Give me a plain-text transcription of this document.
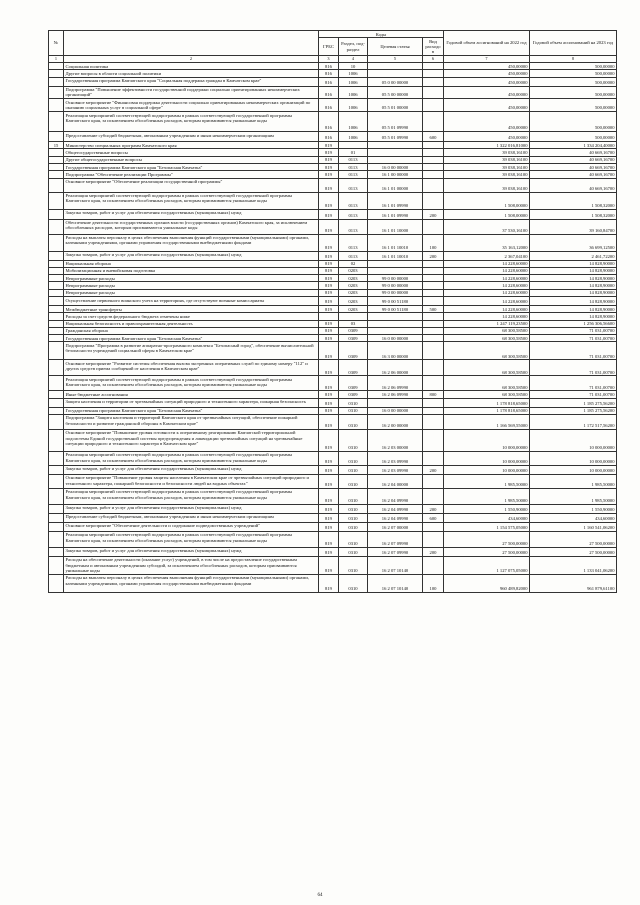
№		Коды				Годовой объем ассигнований на 2022 год	Годовой объем ассигнований на 2023 год
		ГРБС	Раздел, под-раздел	Целевая статья	Вид расходов		
1	2	3	4	5	6	7	8
	Социальная политика	816	10			450,00000	500,00000
	Другие вопросы в области социальной политики	816	1006			450,00000	500,00000
	Государственная программа Камчатского края "Социальная поддержка граждан в Камчатском крае"	816	1006	05 0 00 00000		450,00000	500,00000
	Подпрограмма "Повышение эффективности государственной поддержки социально ориентированных некоммерческих организаций"	816	1006	05 5 00 00000		450,00000	500,00000
	Основное мероприятие "Финансовая поддержка деятельности социально ориентированных некоммерческих организаций по оказанию социальных услуг в социальной сфере"	816	1006	05 5 01 00000		450,00000	500,00000
	Реализация мероприятий соответствующей подпрограммы в рамках соответствующей государственной программы Камчатского края, за исключением обособленных расходов, которым присваиваются уникальные коды	816	1006	05 5 01 09990		450,00000	500,00000
	Предоставление субсидий бюджетным, автономным учреждениям и иным некоммерческим организациям	816	1006	05 5 01 09990	600	450,00000	500,00000
15	Министерство специальных программ Камчатского края	819				1 322 016,81000	1 334 204,40000
	Общегосударственные вопросы	819	01			39 038,16100	40 669,16700
	Другие общегосударственные вопросы	819	0113			39 038,16100	40 669,16700
	Государственная программа Камчатского края "Безопасная Камчатка"	819	0113	16 0 00 00000		39 038,16100	40 669,16700
	Подпрограмма "Обеспечение реализации Программы"	819	0113	16 1 00 00000		39 038,16100	40 669,16700
	Основное мероприятие "Обеспечение реализации государственной программы"	819	0113	16 1 01 00000		39 038,16100	40 669,16700
	Реализация мероприятий соответствующей подпрограммы в рамках соответствующей государственной программы Камчатского края, за исключением обособленных расходов, которым присваиваются уникальные коды	819	0113	16 1 01 09990		1 508,00000	1 508,32000
	Закупка товаров, работ и услуг для обеспечения государственных (муниципальных) нужд	819	0113	16 1 01 09990	200	1 508,00000	1 508,32000
	Обеспечение деятельности государственных органов власти (государственных органов) Камчатского края, за исключением обособленных расходов, которым присваиваются уникальные коды	819	0113	16 1 01 10000		37 530,16100	39 160,84700
	Расходы на выплаты персоналу в целях обеспечения выполнения функций государственными (муниципальными) органами, казенными учреждениями, органами управления государственными внебюджетными фондами	819	0113	16 1 01 10010	100	35 163,12000	36 699,12500
	Закупка товаров, работ и услуг для обеспечения государственных (муниципальных) нужд	819	0113	16 1 01 10010	200	2 367,04100	2 461,72200
	Национальная оборона	819	02			14 228,60000	14 828,90000
	Мобилизационная и вневойсковая подготовка	819	0203			14 228,60000	14 828,90000
	Непрограммные расходы	819	0203	99 0 00 00000		14 228,60000	14 828,90000
	Непрограммные расходы	819	0203	99 0 00 00000		14 228,60000	14 828,90000
	Непрограммные расходы	819	0203	99 0 00 00000		14 228,60000	14 828,90000
	Осуществление первичного воинского учета на территориях, где отсутствуют военные комиссариаты	819	0203	99 0 00 51180		14 228,60000	14 828,90000
	Межбюджетные трансферты	819	0203	99 0 00 51180	500	14 228,60000	14 828,90000
	Расходы за счет средств федерального бюджета отмечены ниже					14 228,60000	14 828,90000
	Национальная безопасность и правоохранительная деятельность	819	03			1 247 119,23500	1 256 306,56600
	Гражданская оборона	819	0309			68 300,58500	71 031,00700
	Государственная программа Камчатского края "Безопасная Камчатка"	819	0309	16 0 00 00000		68 300,58500	71 031,00700
	Подпрограмма "Программа в развитие аппаратно-программного комплекса "Безопасный город", обеспечение вычислительной безопасности учреждений социальной сферы в Камчатском крае"	819	0309	16 3 00 00000		68 300,58500	71 031,00700
	Основное мероприятие "Развитие системы обеспечения вызова экстренных оперативных служб по единому номеру "112" и других средств приема сообщений от населения в Камчатском крае"	819	0309	16 2 06 00000		68 300,58500	71 031,00700
	Реализация мероприятий соответствующей подпрограммы в рамках соответствующей государственной программы Камчатского края, за исключением обособленных расходов, которым присваиваются уникальные коды	819	0309	16 2 06 09990		68 300,58500	71 031,00700
	Иные бюджетные ассигнования	819	0309	16 2 06 09990	800	68 300,58500	71 031,00700
	Защита населения и территории от чрезвычайных ситуаций природного и техногенного характера, пожарная безопасность	819	0310			1 178 818,65000	1 185 275,56200
	Государственная программа Камчатского края "Безопасная Камчатка"	819	0310	16 0 00 00000		1 178 818,65000	1 185 275,56200
	Подпрограмма "Защита населения и территорий Камчатского края от чрезвычайных ситуаций, обеспечение пожарной безопасности и развитие гражданской обороны в Камчатском крае"	819	0310	16 2 00 00000		1 166 569,55000	1 172 517,56200
	Основное мероприятие "Повышение уровня готовности к оперативному реагированию Камчатской территориальной подсистемы Единой государственной системы предупреждения и ликвидации чрезвычайных ситуаций на чрезвычайные ситуации природного и техногенного характера в Камчатском крае"	819	0310	16 2 03 00000		10 000,00000	10 000,00000
	Реализация мероприятий соответствующей подпрограммы в рамках соответствующей государственной программы Камчатского края, за исключением обособленных расходов, которым присваиваются уникальные коды	819	0310	16 2 03 09990		10 000,00000	10 000,00000
	Закупка товаров, работ и услуг для обеспечения государственных (муниципальных) нужд	819	0310	16 2 03 09990	200	10 000,00000	10 000,00000
	Основное мероприятие "Повышение уровня защиты населения в Камчатском крае от чрезвычайных ситуаций природного и техногенного характера, пожарной безопасности и безопасности людей на водных объектах"	819	0310	16 2 04 00000		1 985,50000	1 985,50000
	Реализация мероприятий соответствующей подпрограммы в рамках соответствующей государственной программы Камчатского края, за исключением обособленных расходов, которым присваиваются уникальные коды	819	0310	16 2 04 09990		1 985,50000	1 985,50000
	Закупка товаров, работ и услуг для обеспечения государственных (муниципальных) нужд	819	0310	16 2 04 09990	200	1 550,90000	1 550,90000
	Предоставление субсидий бюджетным, автономным учреждениям и иным некоммерческим организациям	819	0310	16 2 04 09990	600	434,60000	434,60000
	Основное мероприятие "Обеспечение деятельности и содержание подведомственных учреждений"	819	0310	16 2 07 00000		1 154 575,05000	1 160 541,06200
	Реализация мероприятий соответствующей подпрограммы в рамках соответствующей государственной программы Камчатского края, за исключением обособленных расходов, которым присваиваются уникальные коды	819	0310	16 2 07 09990		27 500,00000	27 500,00000
	Закупка товаров, работ и услуг для обеспечения государственных (муниципальных) нужд	819	0310	16 2 07 09990	200	27 500,00000	27 500,00000
	Расходы на обеспечение деятельности (оказание услуг) учреждений, в том числе на предоставление государственным бюджетным и автономным учреждениям субсидий, за исключением обособленных расходов, которым присваиваются уникальные коды	819	0310	16 2 07 10140		1 127 075,05000	1 133 041,06200
	Расходы на выплаты персоналу в целях обеспечения выполнения функций государственными (муниципальными) органами, казенными учреждениями, органами управления государственными внебюджетными фондами	819	0310	16 2 07 10140	100	960 489,82000	961 879,61100
64
